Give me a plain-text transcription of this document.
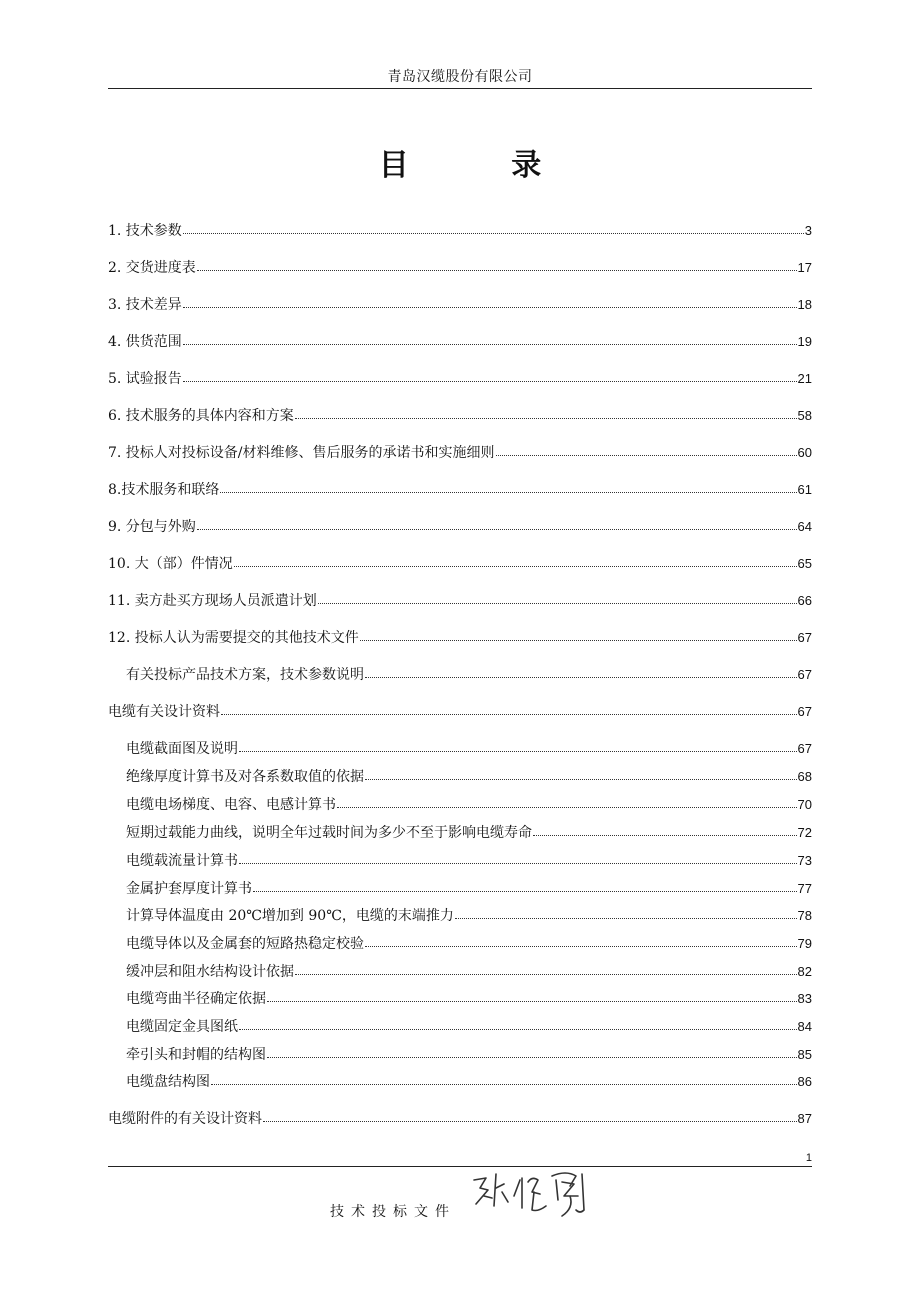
青岛汉缆股份有限公司
目 录
1. 技术参数	3
2. 交货进度表	17
3. 技术差异	18
4. 供货范围	19
5. 试验报告	21
6. 技术服务的具体内容和方案	58
7. 投标人对投标设备/材料维修、售后服务的承诺书和实施细则	60
8.技术服务和联络	61
9. 分包与外购	64
10. 大（部）件情况	65
11. 卖方赴买方现场人员派遣计划	66
12. 投标人认为需要提交的其他技术文件	67
有关投标产品技术方案，技术参数说明	67
电缆有关设计资料	67
电缆截面图及说明	67
绝缘厚度计算书及对各系数取值的依据	68
电缆电场梯度、电容、电感计算书	70
短期过载能力曲线，说明全年过载时间为多少不至于影响电缆寿命	72
电缆载流量计算书	73
金属护套厚度计算书	77
计算导体温度由 20℃增加到 90℃，电缆的末端推力	78
电缆导体以及金属套的短路热稳定校验	79
缓冲层和阻水结构设计依据	82
电缆弯曲半径确定依据	83
电缆固定金具图纸	84
牵引头和封帽的结构图	85
电缆盘结构图	86
电缆附件的有关设计资料	87
1
技术投标文件
